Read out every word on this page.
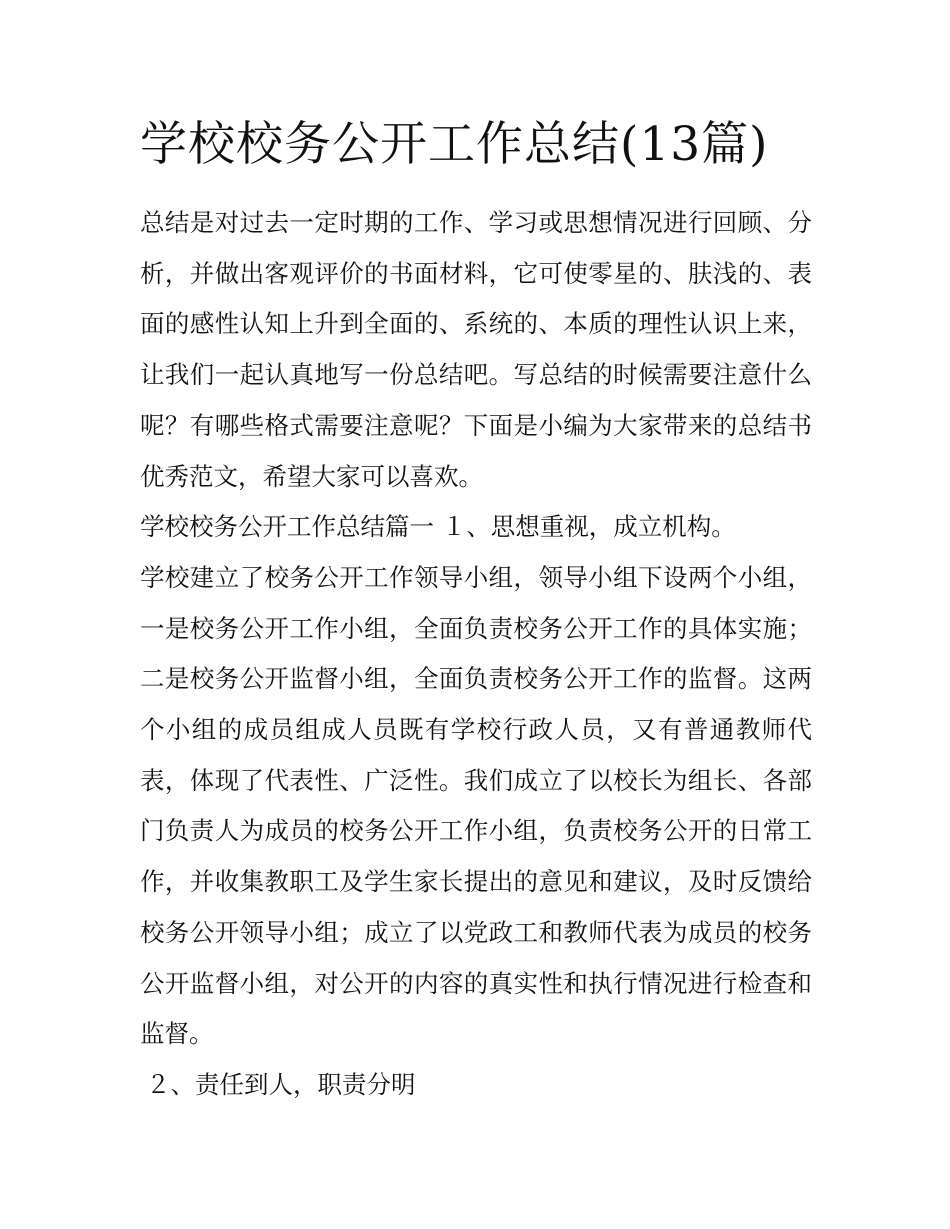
学校校务公开工作总结(13篇)

总结是对过去一定时期的工作、学习或思想情况进行回顾、分析，并做出客观评价的书面材料，它可使零星的、肤浅的、表面的感性认知上升到全面的、系统的、本质的理性认识上来，让我们一起认真地写一份总结吧。写总结的时候需要注意什么呢？有哪些格式需要注意呢？下面是小编为大家带来的总结书优秀范文，希望大家可以喜欢。

学校校务公开工作总结篇一 １、思想重视，成立机构。

学校建立了校务公开工作领导小组，领导小组下设两个小组，一是校务公开工作小组，全面负责校务公开工作的具体实施；二是校务公开监督小组，全面负责校务公开工作的监督。这两个小组的成员组成人员既有学校行政人员，又有普通教师代表，体现了代表性、广泛性。我们成立了以校长为组长、各部门负责人为成员的校务公开工作小组，负责校务公开的日常工作，并收集教职工及学生家长提出的意见和建议，及时反馈给校务公开领导小组；成立了以党政工和教师代表为成员的校务公开监督小组，对公开的内容的真实性和执行情况进行检查和监督。

２、责任到人，职责分明
